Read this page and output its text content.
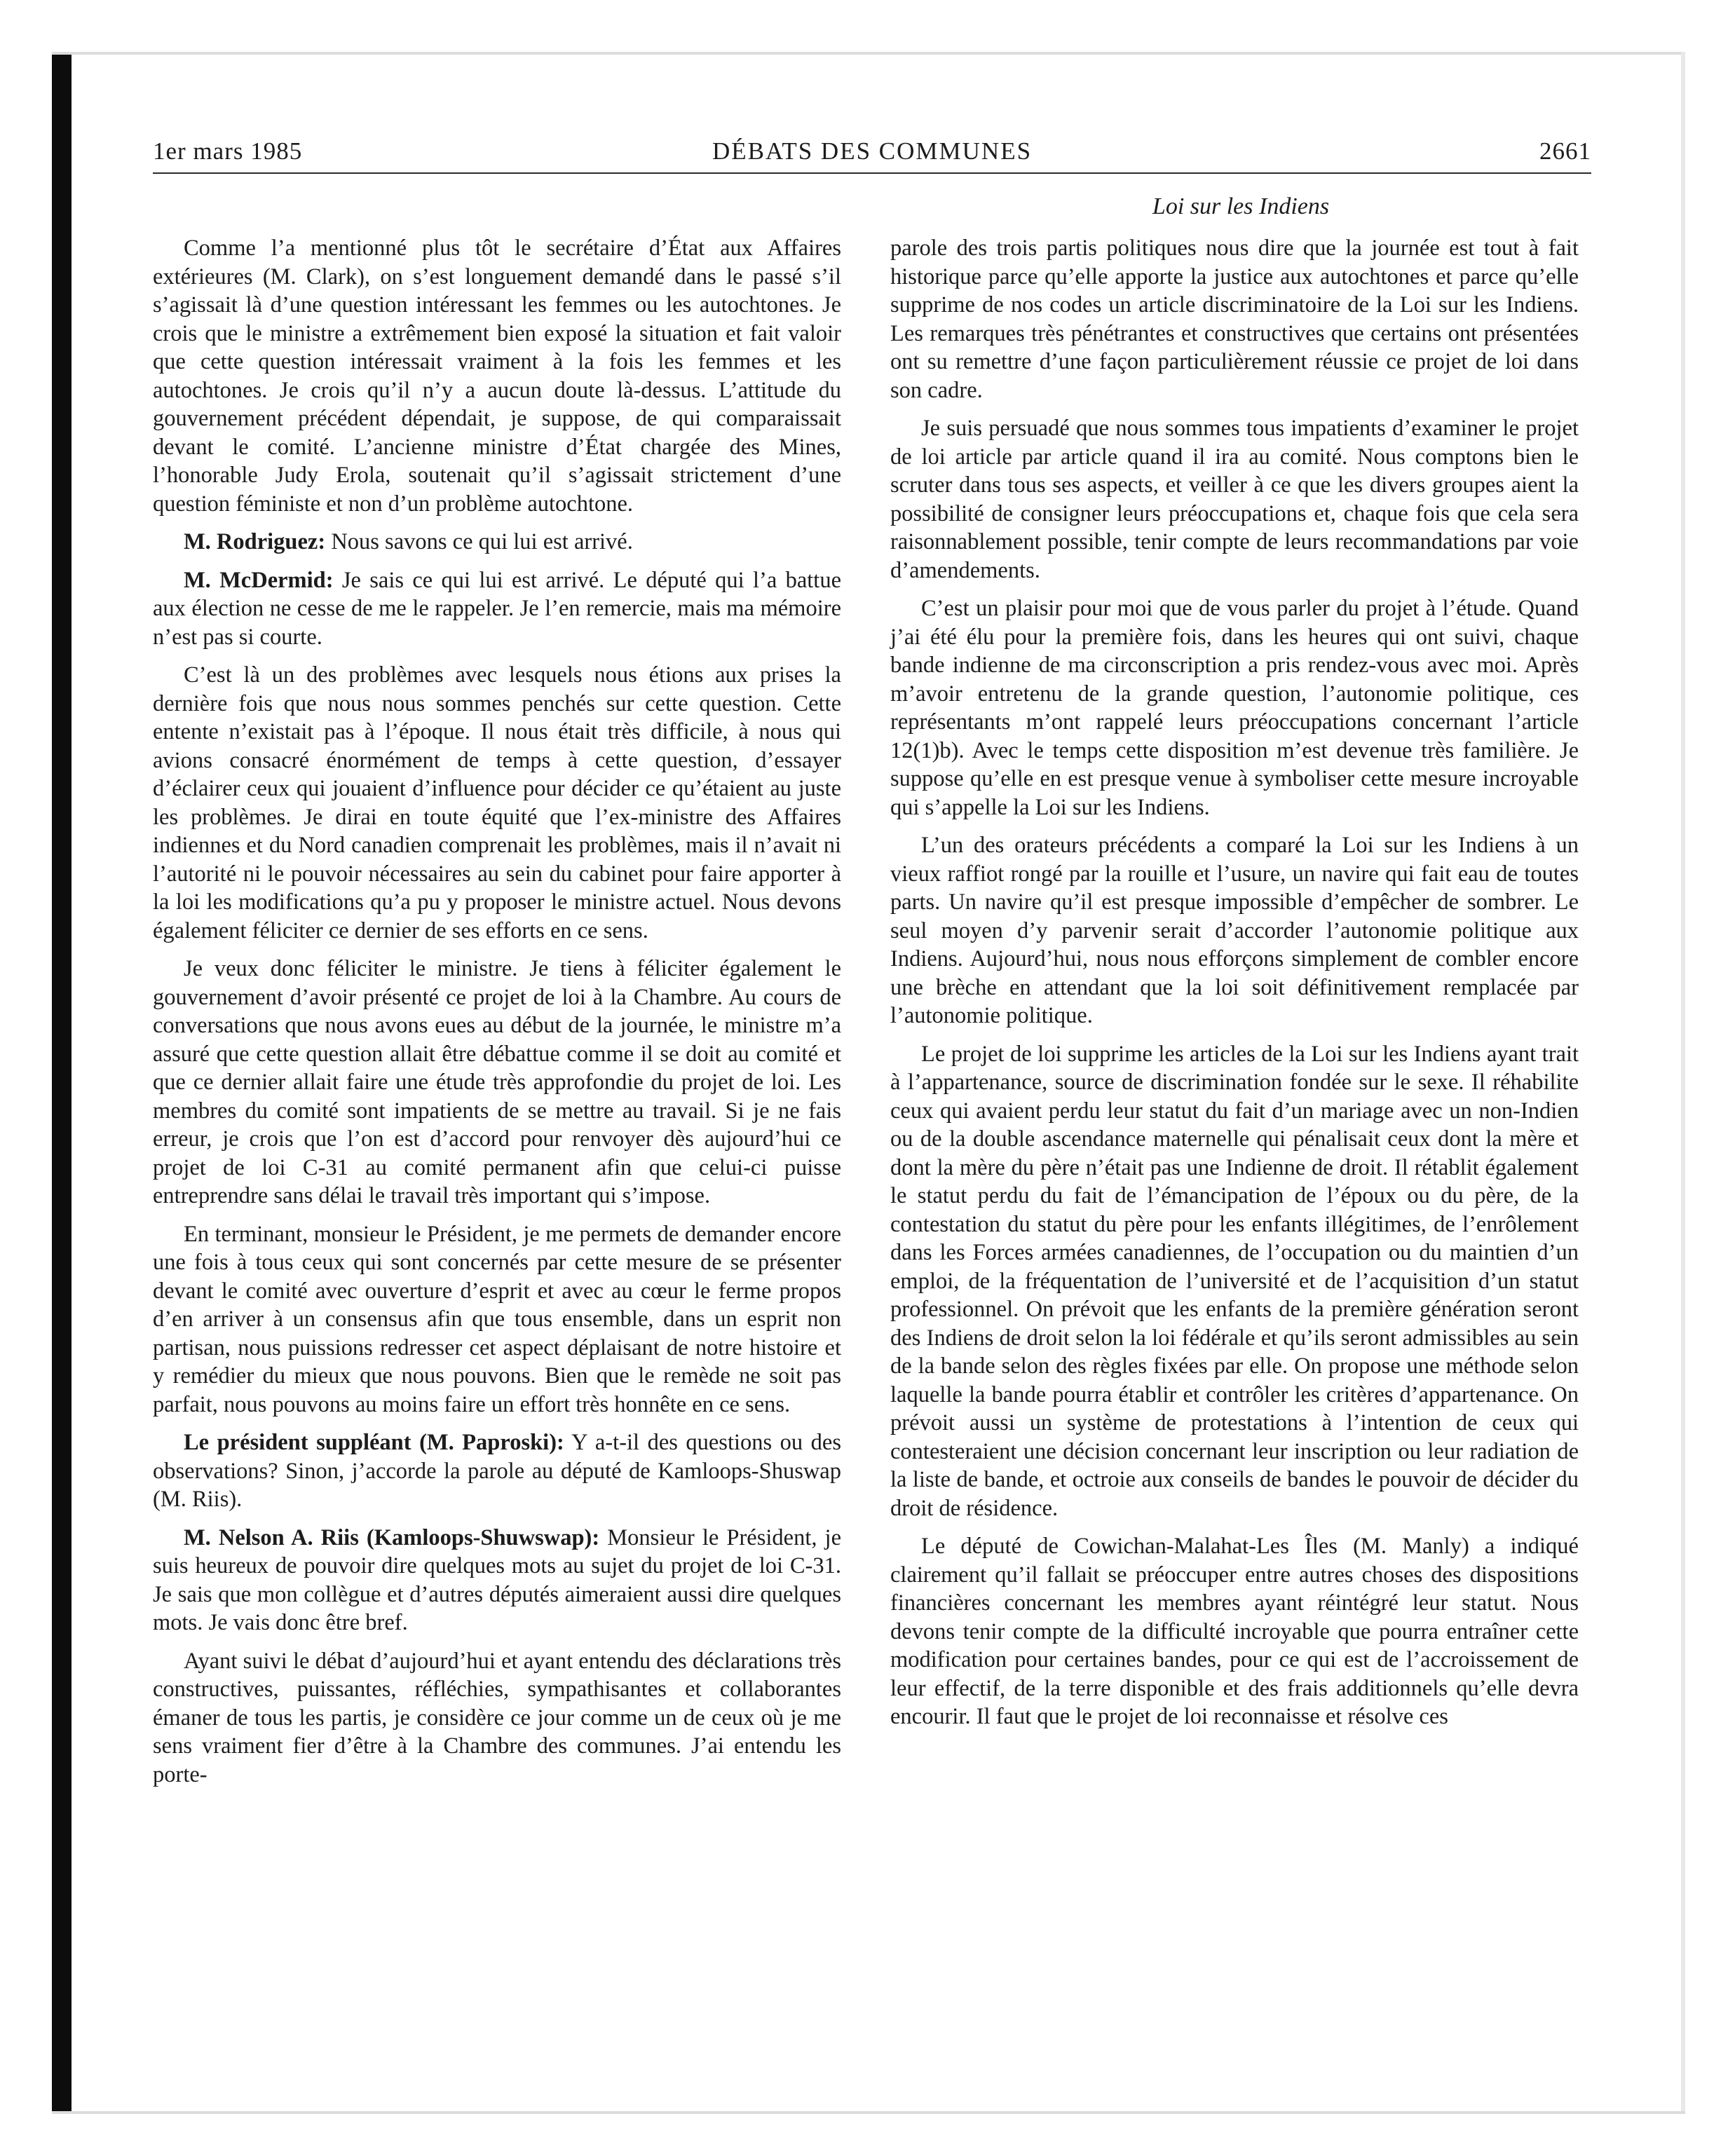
1er mars 1985	DÉBATS DES COMMUNES	2661
Loi sur les Indiens

Comme l’a mentionné plus tôt le secrétaire d’État aux Affaires extérieures (M. Clark), on s’est longuement demandé dans le passé s’il s’agissait là d’une question intéressant les femmes ou les autochtones. Je crois que le ministre a extrêmement bien exposé la situation et fait valoir que cette question intéressait vraiment à la fois les femmes et les autochtones. Je crois qu’il n’y a aucun doute là-dessus. L’attitude du gouvernement précédent dépendait, je suppose, de qui comparaissait devant le comité. L’ancienne ministre d’État chargée des Mines, l’honorable Judy Erola, soutenait qu’il s’agissait strictement d’une question féministe et non d’un problème autochtone.

M. Rodriguez: Nous savons ce qui lui est arrivé.

M. McDermid: Je sais ce qui lui est arrivé. Le député qui l’a battue aux élection ne cesse de me le rappeler. Je l’en remercie, mais ma mémoire n’est pas si courte.

C’est là un des problèmes avec lesquels nous étions aux prises la dernière fois que nous nous sommes penchés sur cette question. Cette entente n’existait pas à l’époque. Il nous était très difficile, à nous qui avions consacré énormément de temps à cette question, d’essayer d’éclairer ceux qui jouaient d’influence pour décider ce qu’étaient au juste les problèmes. Je dirai en toute équité que l’ex-ministre des Affaires indiennes et du Nord canadien comprenait les problèmes, mais il n’avait ni l’autorité ni le pouvoir nécessaires au sein du cabinet pour faire apporter à la loi les modifications qu’a pu y proposer le ministre actuel. Nous devons également féliciter ce dernier de ses efforts en ce sens.

Je veux donc féliciter le ministre. Je tiens à féliciter également le gouvernement d’avoir présenté ce projet de loi à la Chambre. Au cours de conversations que nous avons eues au début de la journée, le ministre m’a assuré que cette question allait être débattue comme il se doit au comité et que ce dernier allait faire une étude très approfondie du projet de loi. Les membres du comité sont impatients de se mettre au travail. Si je ne fais erreur, je crois que l’on est d’accord pour renvoyer dès aujourd’hui ce projet de loi C-31 au comité permanent afin que celui-ci puisse entreprendre sans délai le travail très important qui s’impose.

En terminant, monsieur le Président, je me permets de demander encore une fois à tous ceux qui sont concernés par cette mesure de se présenter devant le comité avec ouverture d’esprit et avec au cœur le ferme propos d’en arriver à un consensus afin que tous ensemble, dans un esprit non partisan, nous puissions redresser cet aspect déplaisant de notre histoire et y remédier du mieux que nous pouvons. Bien que le remède ne soit pas parfait, nous pouvons au moins faire un effort très honnête en ce sens.

Le président suppléant (M. Paproski): Y a-t-il des questions ou des observations? Sinon, j’accorde la parole au député de Kamloops-Shuswap (M. Riis).

M. Nelson A. Riis (Kamloops-Shuwswap): Monsieur le Président, je suis heureux de pouvoir dire quelques mots au sujet du projet de loi C-31. Je sais que mon collègue et d’autres députés aimeraient aussi dire quelques mots. Je vais donc être bref.

Ayant suivi le débat d’aujourd’hui et ayant entendu des déclarations très constructives, puissantes, réfléchies, sympathisantes et collaborantes émaner de tous les partis, je considère ce jour comme un de ceux où je me sens vraiment fier d’être à la Chambre des communes. J’ai entendu les porte-

parole des trois partis politiques nous dire que la journée est tout à fait historique parce qu’elle apporte la justice aux autochtones et parce qu’elle supprime de nos codes un article discriminatoire de la Loi sur les Indiens. Les remarques très pénétrantes et constructives que certains ont présentées ont su remettre d’une façon particulièrement réussie ce projet de loi dans son cadre.

Je suis persuadé que nous sommes tous impatients d’examiner le projet de loi article par article quand il ira au comité. Nous comptons bien le scruter dans tous ses aspects, et veiller à ce que les divers groupes aient la possibilité de consigner leurs préoccupations et, chaque fois que cela sera raisonnablement possible, tenir compte de leurs recommandations par voie d’amendements.

C’est un plaisir pour moi que de vous parler du projet à l’étude. Quand j’ai été élu pour la première fois, dans les heures qui ont suivi, chaque bande indienne de ma circonscription a pris rendez-vous avec moi. Après m’avoir entretenu de la grande question, l’autonomie politique, ces représentants m’ont rappelé leurs préoccupations concernant l’article 12(1)b). Avec le temps cette disposition m’est devenue très familière. Je suppose qu’elle en est presque venue à symboliser cette mesure incroyable qui s’appelle la Loi sur les Indiens.

L’un des orateurs précédents a comparé la Loi sur les Indiens à un vieux raffiot rongé par la rouille et l’usure, un navire qui fait eau de toutes parts. Un navire qu’il est presque impossible d’empêcher de sombrer. Le seul moyen d’y parvenir serait d’accorder l’autonomie politique aux Indiens. Aujourd’hui, nous nous efforçons simplement de combler encore une brèche en attendant que la loi soit définitivement remplacée par l’autonomie politique.

Le projet de loi supprime les articles de la Loi sur les Indiens ayant trait à l’appartenance, source de discrimination fondée sur le sexe. Il réhabilite ceux qui avaient perdu leur statut du fait d’un mariage avec un non-Indien ou de la double ascendance maternelle qui pénalisait ceux dont la mère et dont la mère du père n’était pas une Indienne de droit. Il rétablit également le statut perdu du fait de l’émancipation de l’époux ou du père, de la contestation du statut du père pour les enfants illégitimes, de l’enrôlement dans les Forces armées canadiennes, de l’occupation ou du maintien d’un emploi, de la fréquentation de l’université et de l’acquisition d’un statut professionnel. On prévoit que les enfants de la première génération seront des Indiens de droit selon la loi fédérale et qu’ils seront admissibles au sein de la bande selon des règles fixées par elle. On propose une méthode selon laquelle la bande pourra établir et contrôler les critères d’appartenance. On prévoit aussi un système de protestations à l’intention de ceux qui contesteraient une décision concernant leur inscription ou leur radiation de la liste de bande, et octroie aux conseils de bandes le pouvoir de décider du droit de résidence.

Le député de Cowichan-Malahat-Les Îles (M. Manly) a indiqué clairement qu’il fallait se préoccuper entre autres choses des dispositions financières concernant les membres ayant réintégré leur statut. Nous devons tenir compte de la difficulté incroyable que pourra entraîner cette modification pour certaines bandes, pour ce qui est de l’accroissement de leur effectif, de la terre disponible et des frais additionnels qu’elle devra encourir. Il faut que le projet de loi reconnaisse et résolve ces
